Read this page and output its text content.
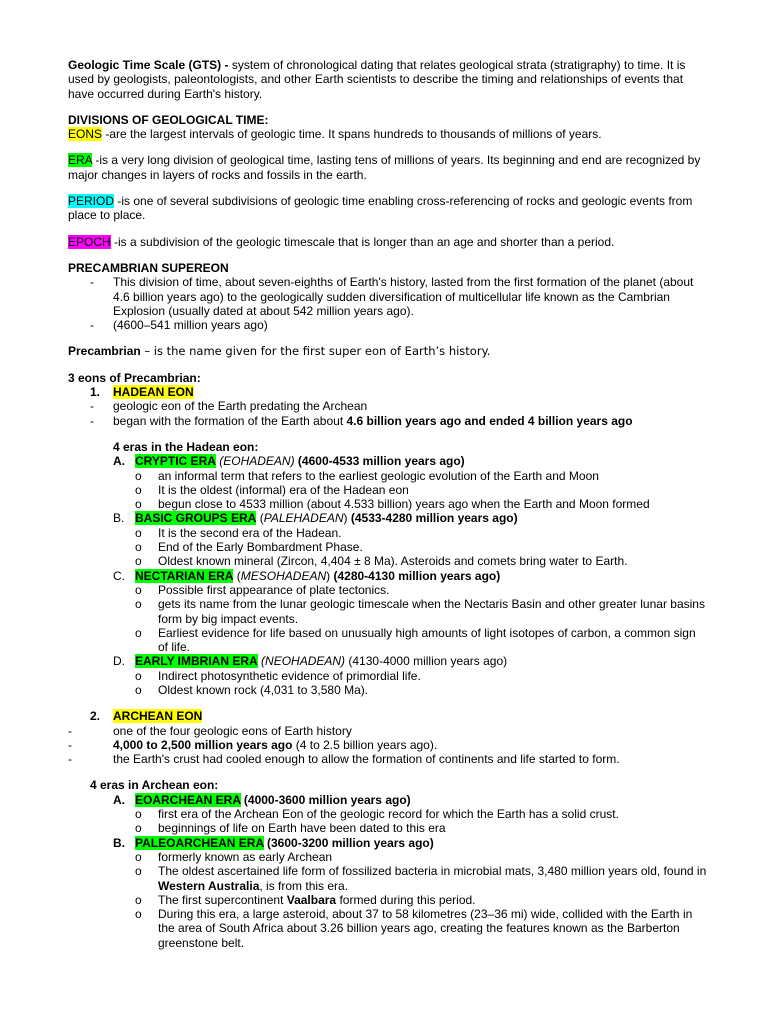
Geologic Time Scale (GTS) - system of chronological dating that relates geological strata (stratigraphy) to time. It is used by geologists, paleontologists, and other Earth scientists to describe the timing and relationships of events that have occurred during Earth's history.

DIVISIONS OF GEOLOGICAL TIME:

EONS -are the largest intervals of geologic time. It spans hundreds to thousands of millions of years.

ERA -is a very long division of geological time, lasting tens of millions of years. Its beginning and end are recognized by major changes in layers of rocks and fossils in the earth.

PERIOD -is one of several subdivisions of geologic time enabling cross-referencing of rocks and geologic events from place to place.

EPOCH -is a subdivision of the geologic timescale that is longer than an age and shorter than a period.

PRECAMBRIAN SUPEREON

-	This division of time, about seven-eighths of Earth's history, lasted from the first formation of the planet (about 4.6 billion years ago) to the geologically sudden diversification of multicellular life known as the Cambrian Explosion (usually dated at about 542 million years ago).
-	(4600–541 million years ago)

Precambrian – is the name given for the first super eon of Earth’s history.

3 eons of Precambrian:

1.	HADEAN EON
-	geologic eon of the Earth predating the Archean
-	began with the formation of the Earth about 4.6 billion years ago and ended 4 billion years ago

4 eras in the Hadean eon:

A. CRYPTIC ERA (EOHADEAN) (4600-4533 million years ago)
o	an informal term that refers to the earliest geologic evolution of the Earth and Moon
o	It is the oldest (informal) era of the Hadean eon
o	begun close to 4533 million (about 4.533 billion) years ago when the Earth and Moon formed
B. BASIC GROUPS ERA (PALEHADEAN) (4533-4280 million years ago)
o	It is the second era of the Hadean.
o	End of the Early Bombardment Phase.
o	Oldest known mineral (Zircon, 4,404 ± 8 Ma). Asteroids and comets bring water to Earth.
C. NECTARIAN ERA (MESOHADEAN) (4280-4130 million years ago)
o	Possible first appearance of plate tectonics.
o	gets its name from the lunar geologic timescale when the Nectaris Basin and other greater lunar basins form by big impact events.
o	Earliest evidence for life based on unusually high amounts of light isotopes of carbon, a common sign of life.
D. EARLY IMBRIAN ERA (NEOHADEAN) (4130-4000 million years ago)
o	Indirect photosynthetic evidence of primordial life.
o	Oldest known rock (4,031 to 3,580 Ma).
2.	ARCHEAN EON
-	one of the four geologic eons of Earth history
-	4,000 to 2,500 million years ago (4 to 2.5 billion years ago).
-	the Earth's crust had cooled enough to allow the formation of continents and life started to form.

4 eras in Archean eon:

A. EOARCHEAN ERA (4000-3600 million years ago)
o	first era of the Archean Eon of the geologic record for which the Earth has a solid crust.
o	beginnings of life on Earth have been dated to this era
B. PALEOARCHEAN ERA (3600-3200 million years ago)
o	formerly known as early Archean
o	The oldest ascertained life form of fossilized bacteria in microbial mats, 3,480 million years old, found in Western Australia, is from this era.
o	The first supercontinent Vaalbara formed during this period.
o	During this era, a large asteroid, about 37 to 58 kilometres (23–36 mi) wide, collided with the Earth in the area of South Africa about 3.26 billion years ago, creating the features known as the Barberton greenstone belt.
